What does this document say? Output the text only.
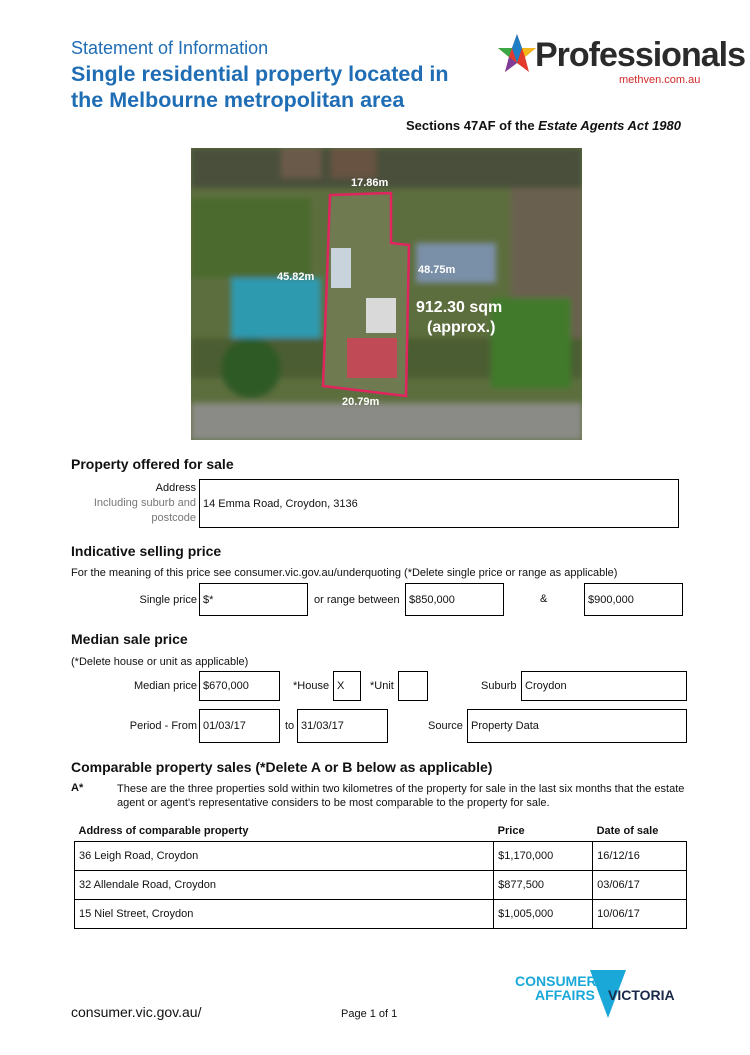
Statement of Information
Single residential property located in
the Melbourne metropolitan area
Sections 47AF of the Estate Agents Act 1980
Professionals
methven.com.au
17.86m
45.82m
48.75m
20.79m
912.30 sqm
(approx.)
Property offered for sale
Address
Including suburb and
postcode
14 Emma Road, Croydon, 3136
Indicative selling price
For the meaning of this price see consumer.vic.gov.au/underquoting (*Delete single price or range as applicable)
Single price $*	or range between $850,000	&	$900,000
Median sale price
(*Delete house or unit as applicable)
Median price $670,000	*House X	*Unit	Suburb Croydon
Period - From 01/03/17	to 31/03/17	Source Property Data
Comparable property sales (*Delete A or B below as applicable)
A*	These are the three properties sold within two kilometres of the property for sale in the last six months that the estate agent or agent's representative considers to be most comparable to the property for sale.
Address of comparable property	Price	Date of sale
36 Leigh Road, Croydon	$1,170,000	16/12/16
32 Allendale Road, Croydon	$877,500	03/06/17
15 Niel Street, Croydon	$1,005,000	10/06/17
consumer.vic.gov.au/	Page 1 of 1
CONSUMER
AFFAIRS VICTORIA
